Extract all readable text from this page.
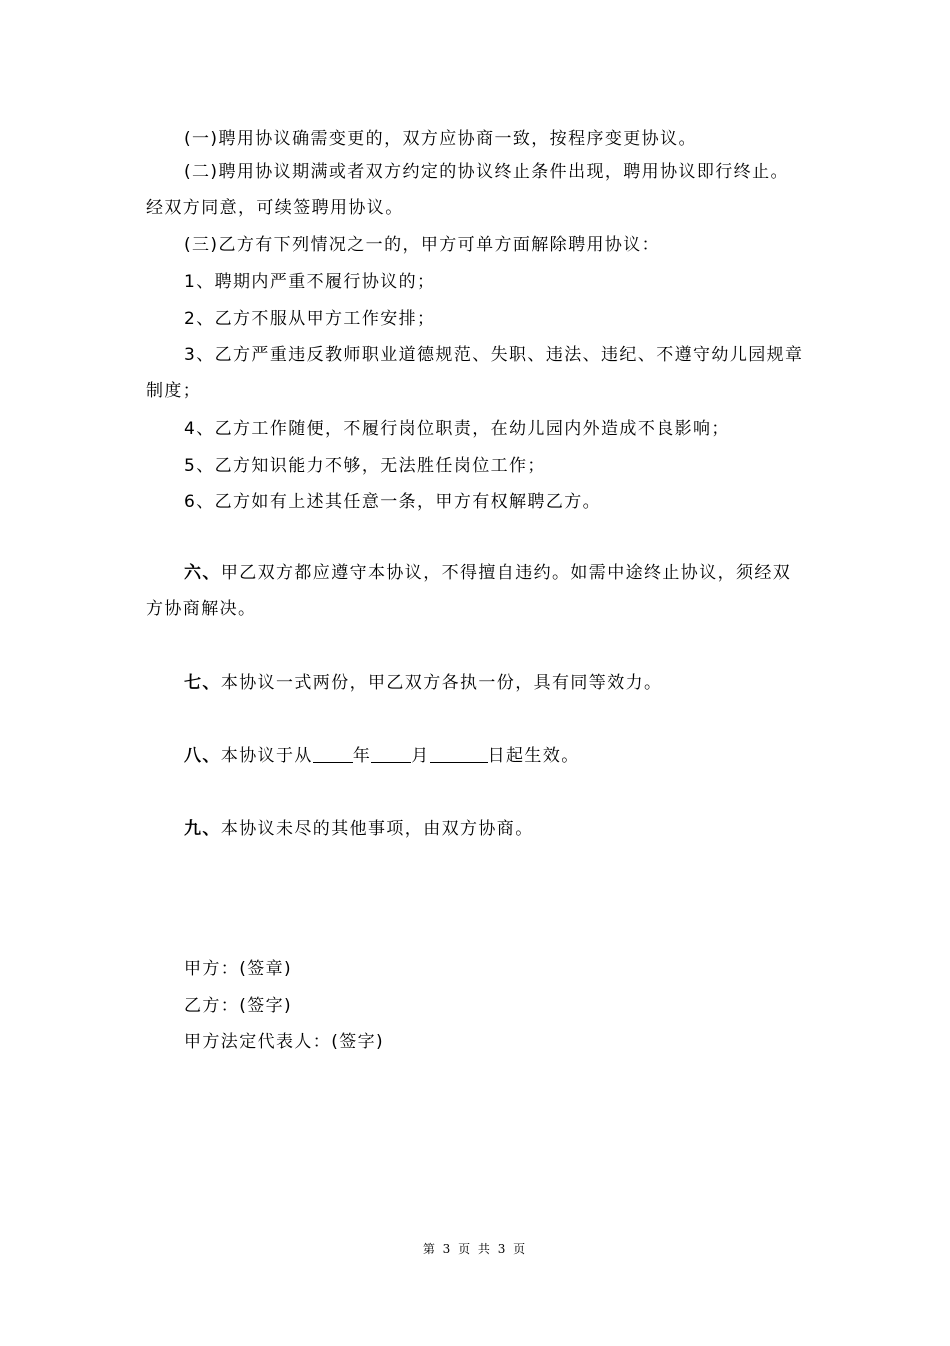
(一)聘用协议确需变更的，双方应协商一致，按程序变更协议。
(二)聘用协议期满或者双方约定的协议终止条件出现，聘用协议即行终止。经双方同意，可续签聘用协议。
(三)乙方有下列情况之一的，甲方可单方面解除聘用协议：
1、聘期内严重不履行协议的；
2、乙方不服从甲方工作安排；
3、乙方严重违反教师职业道德规范、失职、违法、违纪、不遵守幼儿园规章制度；
4、乙方工作随便，不履行岗位职责，在幼儿园内外造成不良影响；
5、乙方知识能力不够，无法胜任岗位工作；
6、乙方如有上述其任意一条，甲方有权解聘乙方。
六、甲乙双方都应遵守本协议，不得擅自违约。如需中途终止协议，须经双方协商解决。
七、本协议一式两份，甲乙双方各执一份，具有同等效力。
八、本协议于从 年 月	日起生效。
九、本协议未尽的其他事项，由双方协商。
甲方：(签章)
乙方：(签字)
甲方法定代表人：(签字)
第 3 页 共 3 页
